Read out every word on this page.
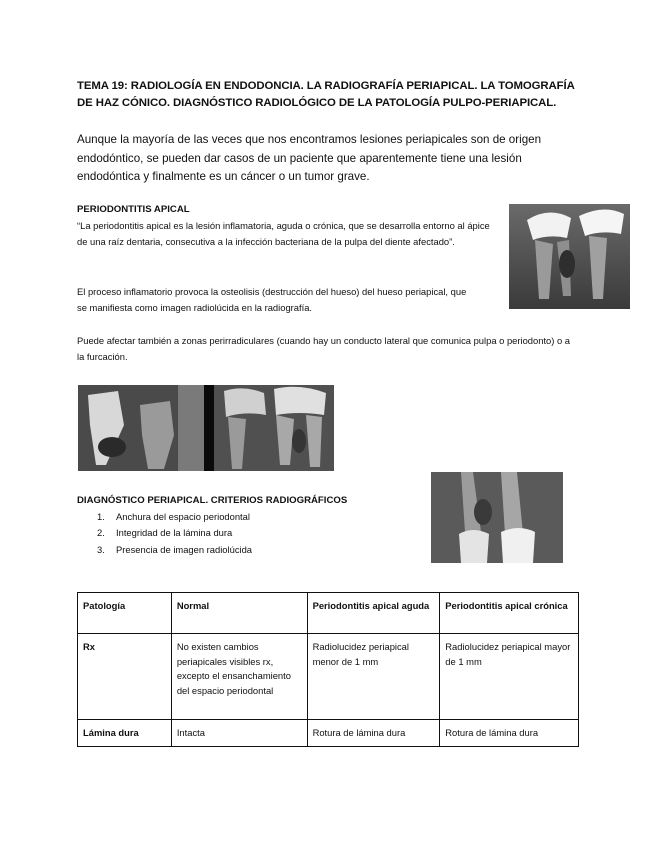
TEMA 19: RADIOLOGÍA EN ENDODONCIA. LA RADIOGRAFÍA PERIAPICAL. LA TOMOGRAFÍA DE HAZ CÓNICO. DIAGNÓSTICO RADIOLÓGICO DE LA PATOLOGÍA PULPO-PERIAPICAL.
Aunque la mayoría de las veces que nos encontramos lesiones periapicales son de origen endodóntico, se pueden dar casos de un paciente que aparentemente tiene una lesión endodóntica y finalmente es un cáncer o un tumor grave.
PERIODONTITIS APICAL
“La periodontitis apical es la lesión inflamatoria, aguda o crónica, que se desarrolla entorno al ápice de una raíz dentaria, consecutiva a la infección bacteriana de la pulpa del diente afectado”.
El proceso inflamatorio provoca la osteolisis (destrucción del hueso) del hueso periapical, que se manifiesta como imagen radiolúcida en la radiografía.
Puede afectar también a zonas perirradiculares (cuando hay un conducto lateral que comunica pulpa o periodonto) o a la furcación.
DIAGNÓSTICO PERIAPICAL. CRITERIOS RADIOGRÁFICOS
1. Anchura del espacio periodontal
2. Integridad de la lámina dura
3. Presencia de imagen radiolúcida
Patología	Normal	Periodontitis apical aguda	Periodontitis apical crónica
Rx	No existen cambios periapicales visibles rx, excepto el ensanchamiento del espacio periodontal	Radiolucidez periapical menor de 1 mm	Radiolucidez periapical mayor de 1 mm
Lámina dura	Intacta	Rotura de lámina dura	Rotura de lámina dura
